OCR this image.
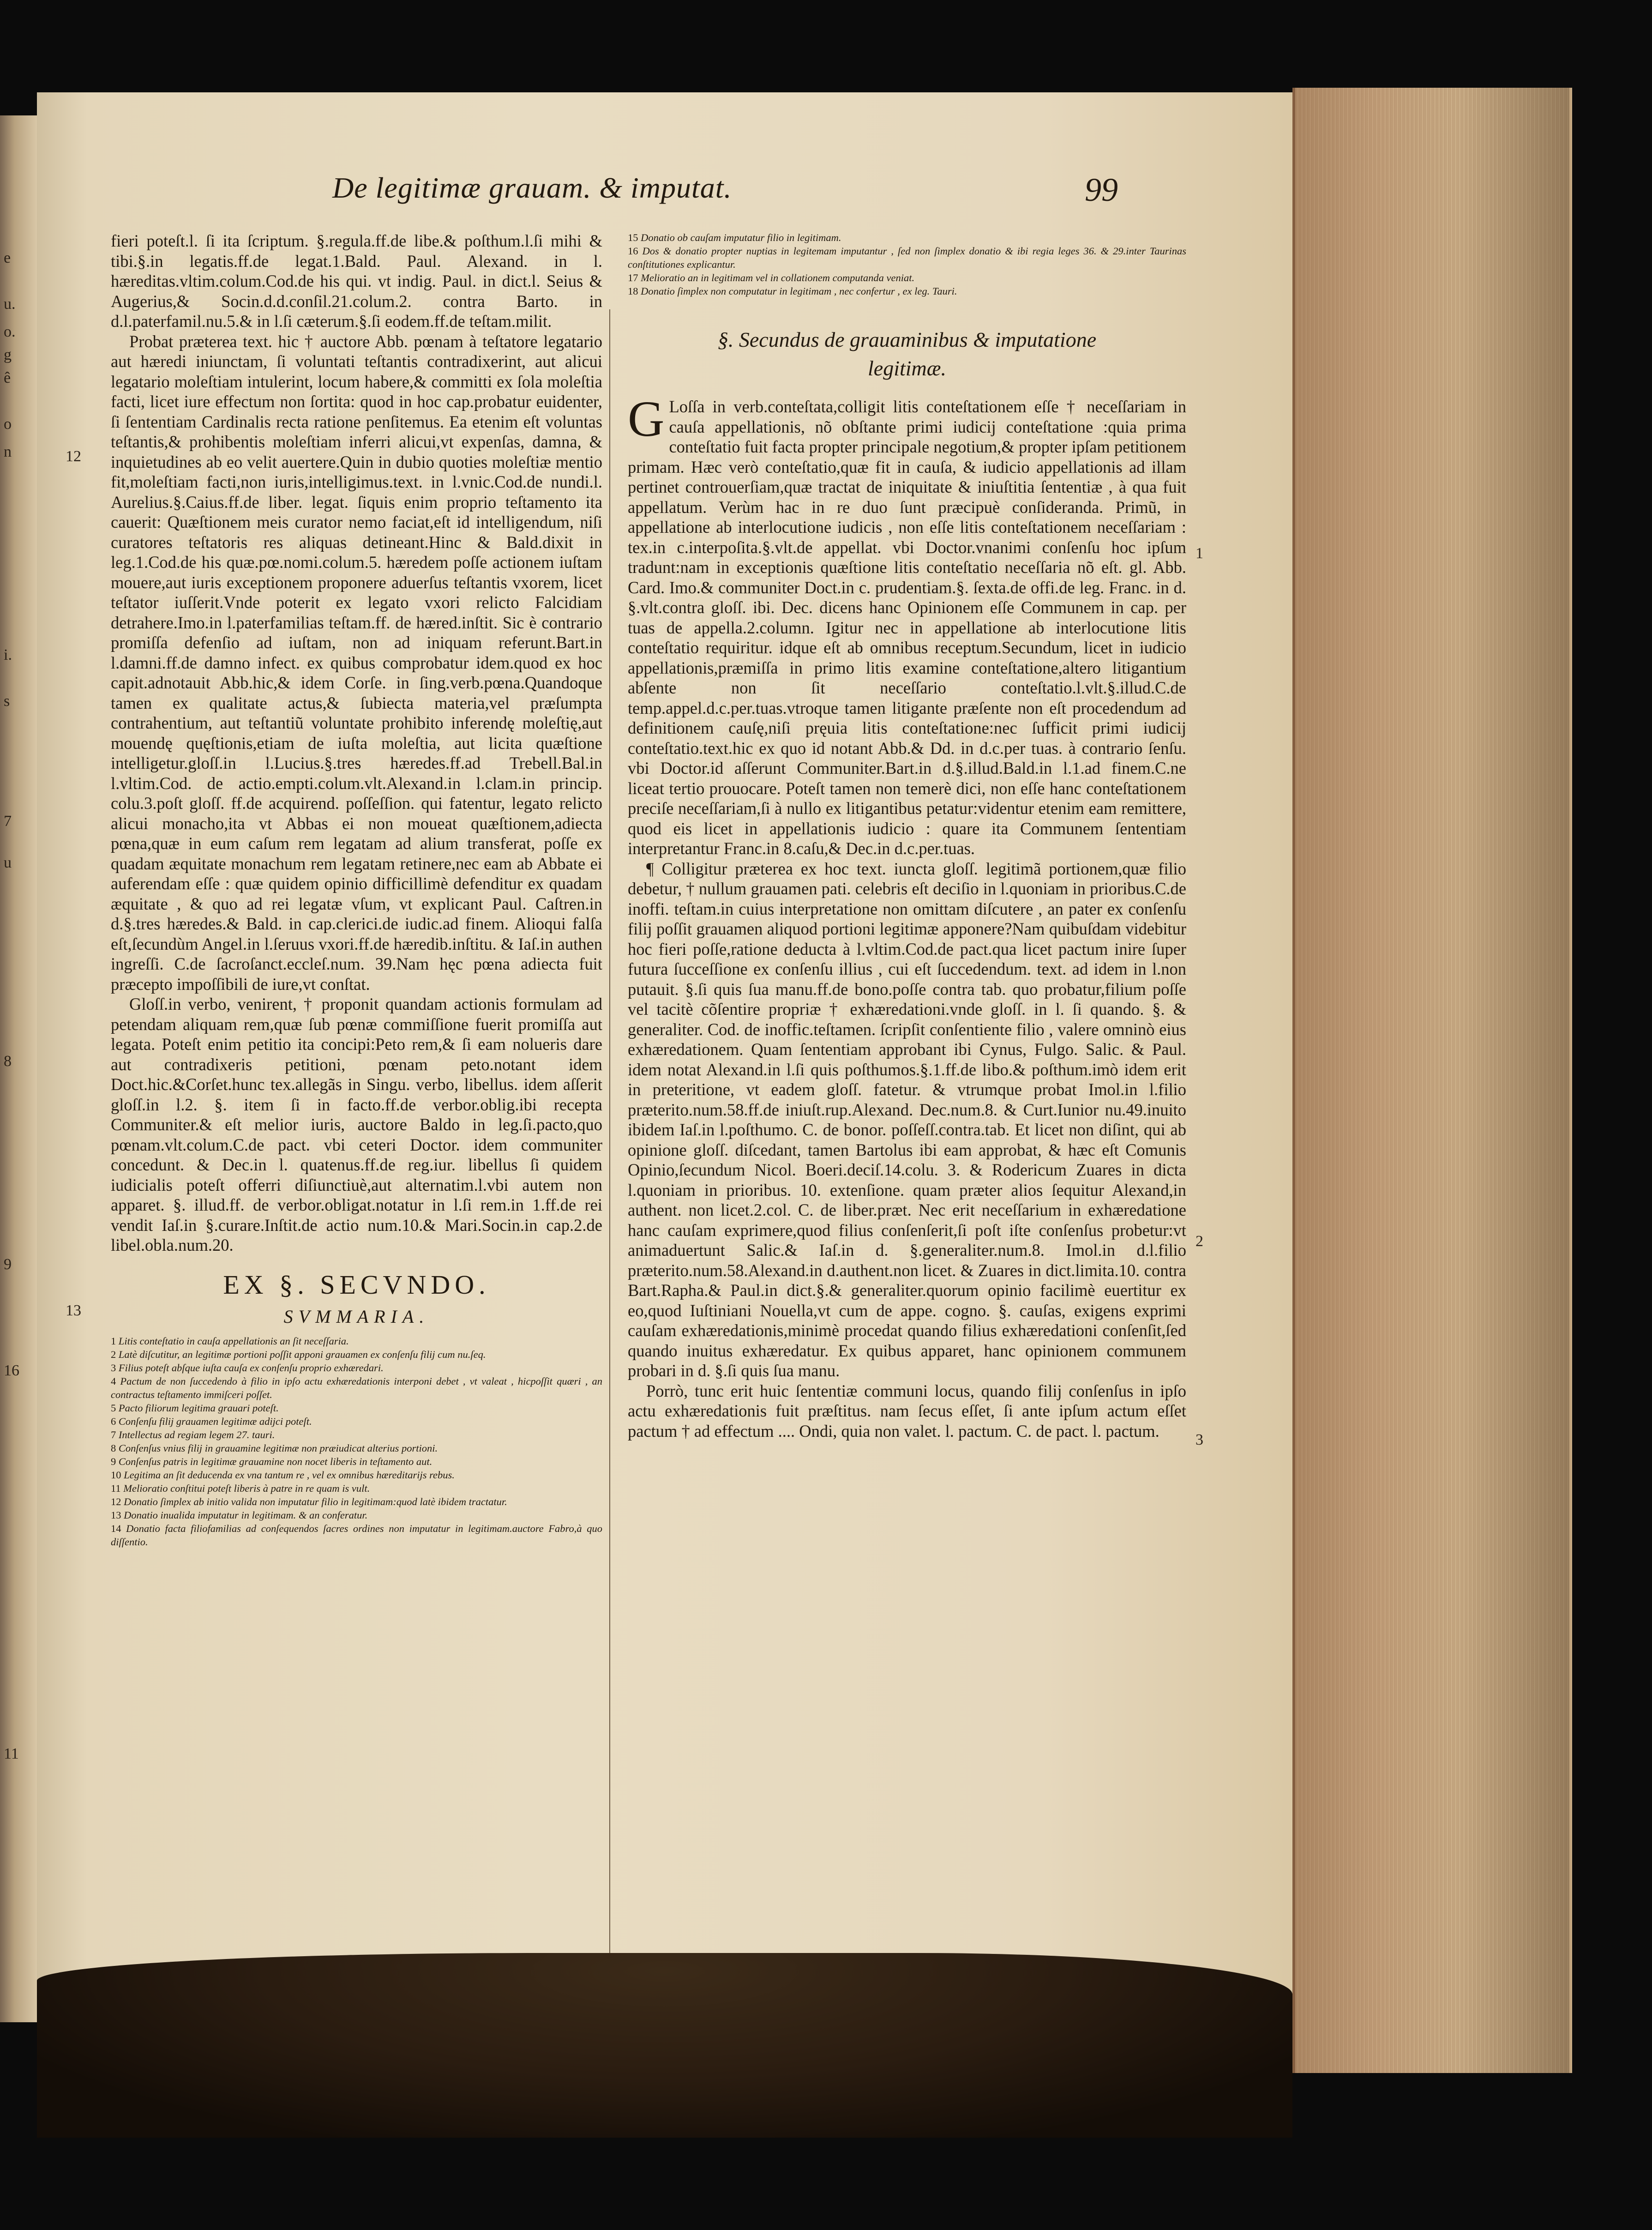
e
u.
o.
g
ê
o
n
i.
s
7
u
8
9
16
11
De legitimæ grauam. & imputat.	99

fieri poteſt.l. ſi ita ſcriptum. §.regula.ff.de libe.& poſthum.l.ſi mihi & tibi.§.in legatis.ff.de legat.1.Bald. Paul. Alexand. in l. hæreditas.vltim.colum.Cod.de his qui. vt indig. Paul. in dict.l. Seius & Augerius,& Socin.d.d.conſil.21.colum.2. contra Barto. in d.l.paterfamil.nu.5.& in l.ſi cæterum.§.ſi eodem.ff.de teſtam.milit.

Probat præterea text. hic † auctore Abb. pœnam à teſtatore legatario aut hæredi iniunctam, ſi voluntati teſtantis contradixerint, aut alicui legatario moleſtiam intulerint, locum habere,& committi ex ſola moleſtia facti, licet iure effectum non ſortita: quod in hoc cap.probatur euidenter, ſi ſententiam Cardinalis recta ratione penſitemus. Ea etenim eſt voluntas teſtantis,& prohibentis moleſtiam inferri alicui,vt expenſas, damna, & inquietudines ab eo velit auertere.Quin in dubio quoties moleſtiæ mentio fit,moleſtiam facti,non iuris,intelligimus.text. in l.vnic.Cod.de nundi.l. Aurelius.§.Caius.ff.de liber. legat. ſiquis enim proprio teſtamento ita cauerit: Quæſtionem meis curator nemo faciat,eſt id intelligendum, niſi curatores teſtatoris res aliquas detineant.Hinc & Bald.dixit in leg.1.Cod.de his quæ.pœ.nomi.colum.5. hæredem poſſe actionem iuſtam mouere,aut iuris exceptionem proponere aduerſus teſtantis vxorem, licet teſtator iuſſerit.Vnde poterit ex legato vxori relicto Falcidiam detrahere.Imo.in l.paterfamilias teſtam.ff. de hæred.inſtit. Sic è contrario promiſſa defenſio ad iuſtam, non ad iniquam referunt.Bart.in l.damni.ff.de damno infect. ex quibus comprobatur idem.quod ex hoc capit.adnotauit Abb.hic,& idem Corſe. in ſing.verb.pœna.Quandoque tamen ex qualitate actus,& ſubiecta materia,vel præſumpta contrahentium, aut teſtantiũ voluntate prohibito inferendę moleſtię,aut mouendę quęſtionis,etiam de iuſta moleſtia, aut licita quæſtione intelligetur.gloſſ.in l.Lucius.§.tres hæredes.ff.ad Trebell.Bal.in l.vltim.Cod. de actio.empti.colum.vlt.Alexand.in l.clam.in princip. colu.3.poſt gloſſ. ff.de acquirend. poſſeſſion. qui fatentur, legato relicto alicui monacho,ita vt Abbas ei non moueat quæſtionem,adiecta pœna,quæ in eum caſum rem legatam ad alium transferat, poſſe ex quadam æquitate monachum rem legatam retinere,nec eam ab Abbate ei auferendam eſſe : quæ quidem opinio difficillimè defenditur ex quadam æquitate , & quo ad rei legatæ vſum, vt explicant Paul. Caſtren.in d.§.tres hæredes.& Bald. in cap.clerici.de iudic.ad finem. Alioqui falſa eſt,ſecundùm Angel.in l.ſeruus vxori.ff.de hæredib.inſtitu. & Iaſ.in authen ingreſſi. C.de ſacroſanct.eccleſ.num. 39.Nam hęc pœna adiecta fuit præcepto impoſſibili de iure,vt conſtat.

Gloſſ.in verbo, venirent, † proponit quandam actionis formulam ad petendam aliquam rem,quæ ſub pœnæ commiſſione fuerit promiſſa aut legata. Poteſt enim petitio ita concipi:Peto rem,& ſi eam nolueris dare aut contradixeris petitioni, pœnam peto.notant idem Doct.hic.&Corſet.hunc tex.allegãs in Singu. verbo, libellus. idem aſſerit gloſſ.in l.2. §. item ſi in facto.ff.de verbor.oblig.ibi recepta Communiter.& eſt melior iuris, auctore Baldo in leg.ſi.pacto,quo pœnam.vlt.colum.C.de pact. vbi ceteri Doctor. idem communiter concedunt. & Dec.in l. quatenus.ff.de reg.iur. libellus ſi quidem iudicialis poteſt offerri diſiunctiuè,aut alternatim.l.vbi autem non apparet. §. illud.ff. de verbor.obligat.notatur in l.ſi rem.in 1.ff.de rei vendit Iaſ.in §.curare.Inſtit.de actio num.10.& Mari.Socin.in cap.2.de libel.obla.num.20.

EX §. SECVNDO.
SVMMARIA.
1 Litis conteſtatio in cauſa appellationis an ſit neceſſaria.
2 Latè diſcutitur, an legitimæ portioni poſſit apponi grauamen ex conſenſu filij cum nu.ſeq.
3 Filius poteſt abſque iuſta cauſa ex conſenſu proprio exhæredari.
4 Pactum de non ſuccedendo à filio in ipſo actu exhæredationis interponi debet , vt valeat , hicpoſſit quæri , an contractus teſtamento immiſceri poſſet.
5 Pacto filiorum legitima grauari poteſt.
6 Conſenſu filij grauamen legitimæ adijci poteſt.
7 Intellectus ad regiam legem 27. tauri.
8 Conſenſus vnius filij in grauamine legitimæ non præiudicat alterius portioni.
9 Conſenſus patris in legitimæ grauamine non nocet liberis in teſtamento aut.
10 Legitima an ſit deducenda ex vna tantum re , vel ex omnibus hæreditarijs rebus.
11 Melioratio conſtitui poteſt liberis à patre in re quam is vult.
12 Donatio ſimplex ab initio valida non imputatur filio in legitimam:quod latè ibidem tractatur.
13 Donatio inualida imputatur in legitimam. & an conferatur.
14 Donatio facta filiofamilias ad conſequendos ſacres ordines non imputatur in legitimam.auctore Fabro,à quo diſſentio.
12
13
15 Donatio ob cauſam imputatur filio in legitimam.
16 Dos & donatio propter nuptias in legitemam imputantur , ſed non ſimplex donatio & ibi regia leges 36. & 29.inter Taurinas conſtitutiones explicantur.
17 Melioratio an in legitimam vel in collationem computanda veniat.
18 Donatio ſimplex non computatur in legitimam , nec confertur , ex leg. Tauri.
§. Secundus de grauaminibus & imputatione
legitimæ.
G Loſſa in verb.conteſtata,colligit litis conteſtationem eſſe † neceſſariam in cauſa appellationis, nõ obſtante primi iudicij conteſtatione :quia prima conteſtatio fuit facta propter principale negotium,& propter ipſam petitionem primam. Hæc verò conteſtatio,quæ fit in cauſa, & iudicio appellationis ad illam pertinet controuerſiam,quæ tractat de iniquitate & iniuſtitia ſententiæ , à qua fuit appellatum. Verùm hac in re duo ſunt præcipuè conſideranda. Primũ, in appellatione ab interlocutione iudicis , non eſſe litis conteſtationem neceſſariam : tex.in c.interpoſita.§.vlt.de appellat. vbi Doctor.vnanimi conſenſu hoc ipſum tradunt:nam in exceptionis quæſtione litis conteſtatio neceſſaria nõ eſt. gl. Abb. Card. Imo.& communiter Doct.in c. prudentiam.§. ſexta.de offi.de leg. Franc. in d. §.vlt.contra gloſſ. ibi. Dec. dicens hanc Opinionem eſſe Communem in cap. per tuas de appella.2.column. Igitur nec in appellatione ab interlocutione litis conteſtatio requiritur. idque eſt ab omnibus receptum.Secundum, licet in iudicio appellationis,præmiſſa in primo litis examine conteſtatione,altero litigantium abſente non ſit neceſſario conteſtatio.l.vlt.§.illud.C.de temp.appel.d.c.per.tuas.vtroque tamen litigante præſente non eſt procedendum ad definitionem cauſę,niſi pręuia litis conteſtatione:nec ſufficit primi iudicij conteſtatio.text.hic ex quo id notant Abb.& Dd. in d.c.per tuas. à contrario ſenſu. vbi Doctor.id aſſerunt Communiter.Bart.in d.§.illud.Bald.in l.1.ad finem.C.ne liceat tertio prouocare. Poteſt tamen non temerè dici, non eſſe hanc conteſtationem preciſe neceſſariam,ſi à nullo ex litigantibus petatur:videntur etenim eam remittere, quod eis licet in appellationis iudicio : quare ita Communem ſententiam interpretantur Franc.in 8.caſu,& Dec.in d.c.per.tuas.

¶ Colligitur præterea ex hoc text. iuncta gloſſ. legitimã portionem,quæ filio debetur, † nullum grauamen pati. celebris eſt deciſio in l.quoniam in prioribus.C.de inoffi. teſtam.in cuius interpretatione non omittam diſcutere , an pater ex conſenſu filij poſſit grauamen aliquod portioni legitimæ apponere?Nam quibuſdam videbitur hoc fieri poſſe,ratione deducta à l.vltim.Cod.de pact.qua licet pactum inire ſuper futura ſucceſſione ex conſenſu illius , cui eſt ſuccedendum. text. ad idem in l.non putauit. §.ſi quis ſua manu.ff.de bono.poſſe contra tab. quo probatur,filium poſſe vel tacitè cõſentire propriæ † exhæredationi.vnde gloſſ. in l. ſi quando. §. & generaliter. Cod. de inoffic.teſtamen. ſcripſit conſentiente filio , valere omninò eius exhæredationem. Quam ſententiam approbant ibi Cynus, Fulgo. Salic. & Paul. idem notat Alexand.in l.ſi quis poſthumos.§.1.ff.de libo.& poſthum.imò idem erit in preteritione, vt eadem gloſſ. fatetur. & vtrumque probat Imol.in l.filio præterito.num.58.ff.de iniuſt.rup.Alexand. Dec.num.8. & Curt.Iunior nu.49.inuito ibidem Iaſ.in l.poſthumo. C. de bonor. poſſeſſ.contra.tab. Et licet non diſint, qui ab opinione gloſſ. diſcedant, tamen Bartolus ibi eam approbat, & hæc eſt Comunis Opinio,ſecundum Nicol. Boeri.deciſ.14.colu. 3. & Rodericum Zuares in dicta l.quoniam in prioribus. 10. extenſione. quam præter alios ſequitur Alexand,in authent. non licet.2.col. C. de liber.præt. Nec erit neceſſarium in exhæredatione hanc cauſam exprimere,quod filius conſenſerit,ſi poſt iſte conſenſus probetur:vt animaduertunt Salic.& Iaſ.in d. §.generaliter.num.8. Imol.in d.l.filio præterito.num.58.Alexand.in d.authent.non licet. & Zuares in dict.limita.10. contra Bart.Rapha.& Paul.in dict.§.& generaliter.quorum opinio facilimè euertitur ex eo,quod Iuſtiniani Nouella,vt cum de appe. cogno. §. cauſas, exigens exprimi cauſam exhæredationis,minimè procedat quando filius exhæredationi conſenſit,ſed quando inuitus exhæredatur. Ex quibus apparet, hanc opinionem communem probari in d. §.ſi quis ſua manu.

Porrò, tunc erit huic ſententiæ communi locus, quando filij conſenſus in ipſo actu exhæredationis fuit præſtitus. nam ſecus eſſet, ſi ante ipſum actum eſſet pactum † ad effectum .... Ondi, quia non valet. l. pactum. C. de pact. l. pactum.

1
2
3
